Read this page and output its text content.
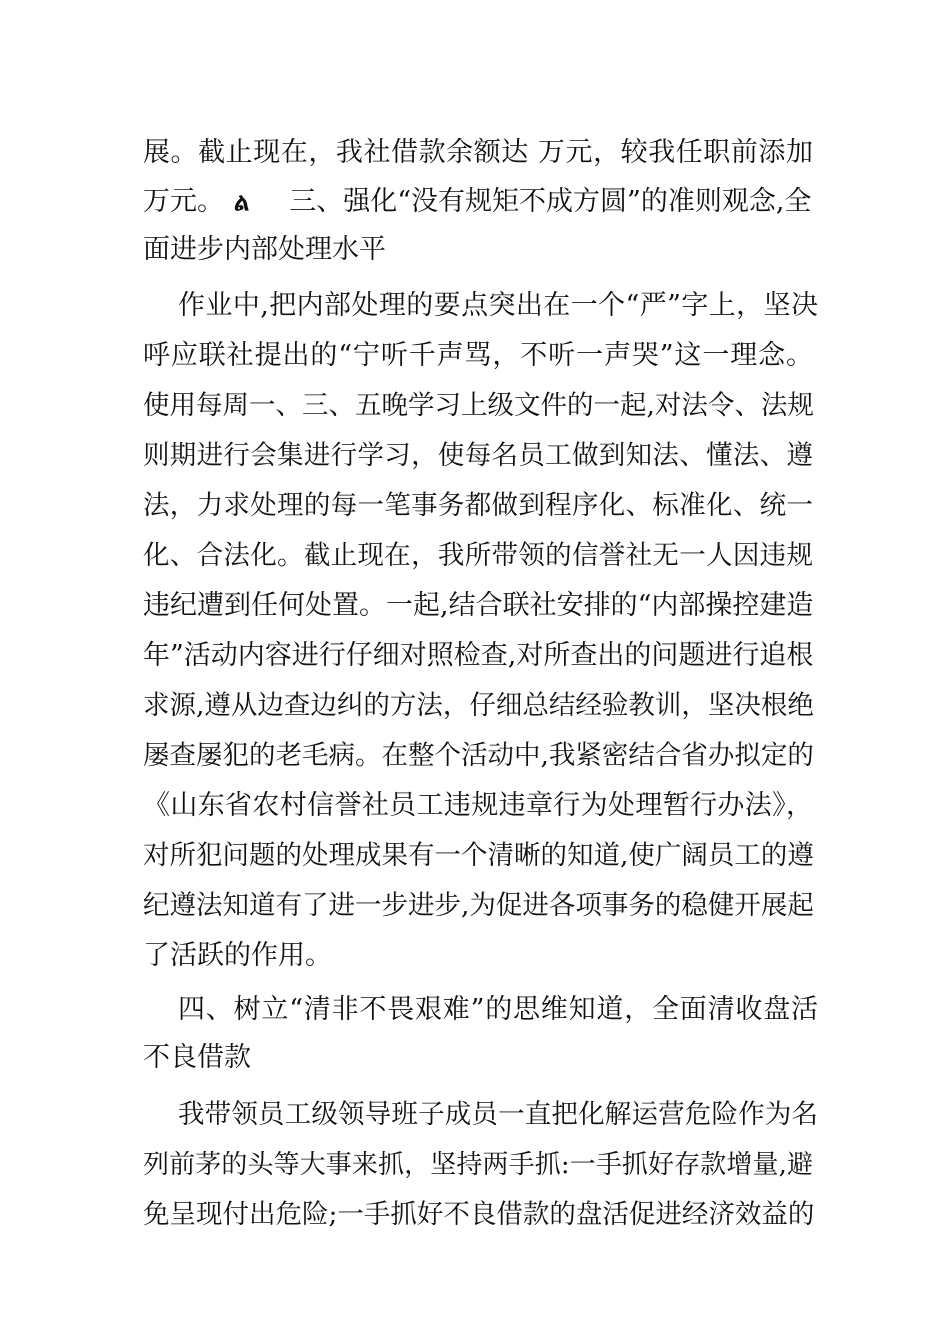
展。截止现在，我社借款余额达 万元，较我任职前添加
万元。 ል 三、强化“没有规矩不成方圆”的准则观念,全
面进步内部处理水平
作业中,把内部处理的要点突出在一个“严”字上，坚决
呼应联社提出的“宁听千声骂，不听一声哭”这一理念。
使用每周一、三、五晚学习上级文件的一起,对法令、法规
则期进行会集进行学习，使每名员工做到知法、懂法、遵
法，力求处理的每一笔事务都做到程序化、标准化、统一
化、合法化。截止现在，我所带领的信誉社无一人因违规
违纪遭到任何处置。一起,结合联社安排的“内部操控建造
年”活动内容进行仔细对照检查,对所查出的问题进行追根
求源,遵从边查边纠的方法，仔细总结经验教训，坚决根绝
屡查屡犯的老毛病。在整个活动中,我紧密结合省办拟定的
《山东省农村信誉社员工违规违章行为处理暂行办法》，
对所犯问题的处理成果有一个清晰的知道,使广阔员工的遵
纪遵法知道有了进一步进步,为促进各项事务的稳健开展起
了活跃的作用。
四、树立“清非不畏艰难”的思维知道，全面清收盘活
不良借款
我带领员工级领导班子成员一直把化解运营危险作为名
列前茅的头等大事来抓，坚持两手抓:一手抓好存款增量,避
免呈现付出危险;一手抓好不良借款的盘活促进经济效益的
